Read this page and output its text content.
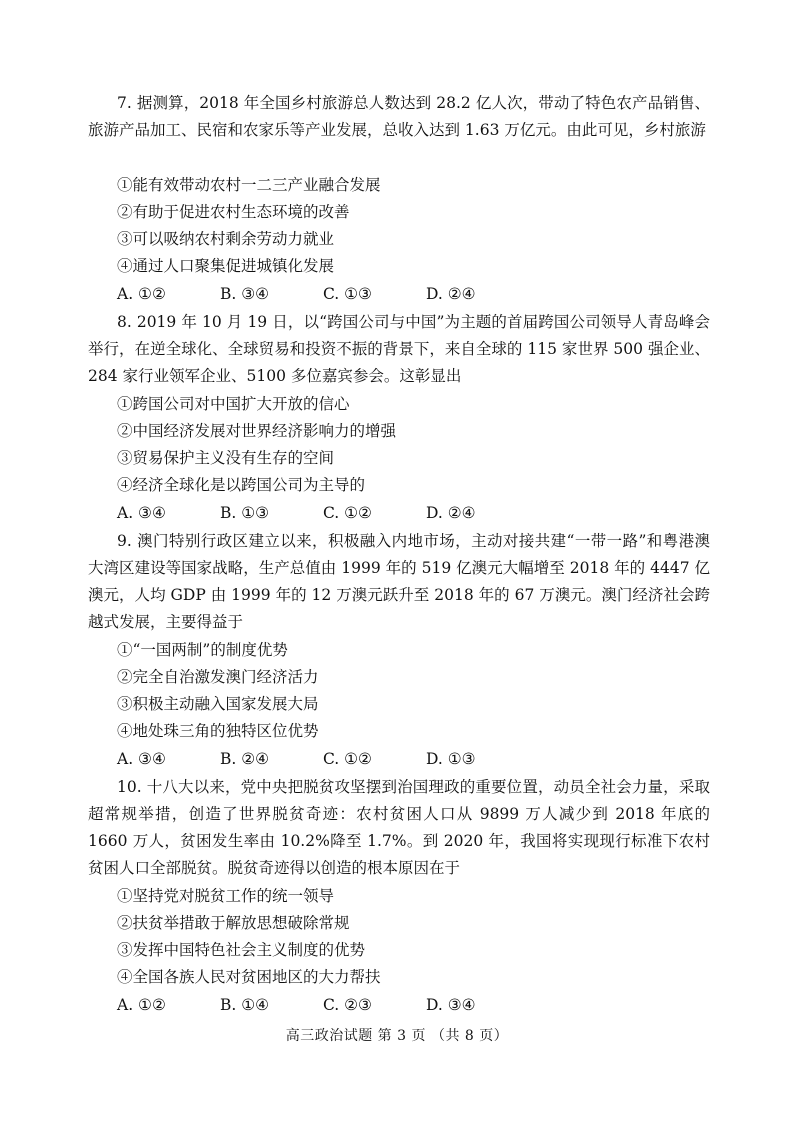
7. 据测算，2018 年全国乡村旅游总人数达到 28.2 亿人次，带动了特色农产品销售、旅游产品加工、民宿和农家乐等产业发展，总收入达到 1.63 万亿元。由此可见，乡村旅游

①能有效带动农村一二三产业融合发展

②有助于促进农村生态环境的改善

③可以吸纳农村剩余劳动力就业

④通过人口聚集促进城镇化发展

A. ①②	B. ③④	C. ①③	D. ②④

8. 2019 年 10 月 19 日，以“跨国公司与中国”为主题的首届跨国公司领导人青岛峰会举行，在逆全球化、全球贸易和投资不振的背景下，来自全球的 115 家世界 500 强企业、284 家行业领军企业、5100 多位嘉宾参会。这彰显出

①跨国公司对中国扩大开放的信心

②中国经济发展对世界经济影响力的增强

③贸易保护主义没有生存的空间

④经济全球化是以跨国公司为主导的

A. ③④	B. ①③	C. ①②	D. ②④

9. 澳门特别行政区建立以来，积极融入内地市场，主动对接共建“一带一路”和粤港澳大湾区建设等国家战略，生产总值由 1999 年的 519 亿澳元大幅增至 2018 年的 4447 亿澳元，人均 GDP 由 1999 年的 12 万澳元跃升至 2018 年的 67 万澳元。澳门经济社会跨越式发展，主要得益于

①“一国两制”的制度优势

②完全自治激发澳门经济活力

③积极主动融入国家发展大局

④地处珠三角的独特区位优势

A. ③④	B. ②④	C. ①②	D. ①③

10. 十八大以来，党中央把脱贫攻坚摆到治国理政的重要位置，动员全社会力量，采取超常规举措，创造了世界脱贫奇迹：农村贫困人口从 9899 万人减少到 2018 年底的 1660 万人，贫困发生率由 10.2%降至 1.7%。到 2020 年，我国将实现现行标准下农村贫困人口全部脱贫。脱贫奇迹得以创造的根本原因在于

①坚持党对脱贫工作的统一领导

②扶贫举措敢于解放思想破除常规

③发挥中国特色社会主义制度的优势

④全国各族人民对贫困地区的大力帮扶

A. ①②	B. ①④	C. ②③	D. ③④

高三政治试题 第 3 页 （共 8 页）
